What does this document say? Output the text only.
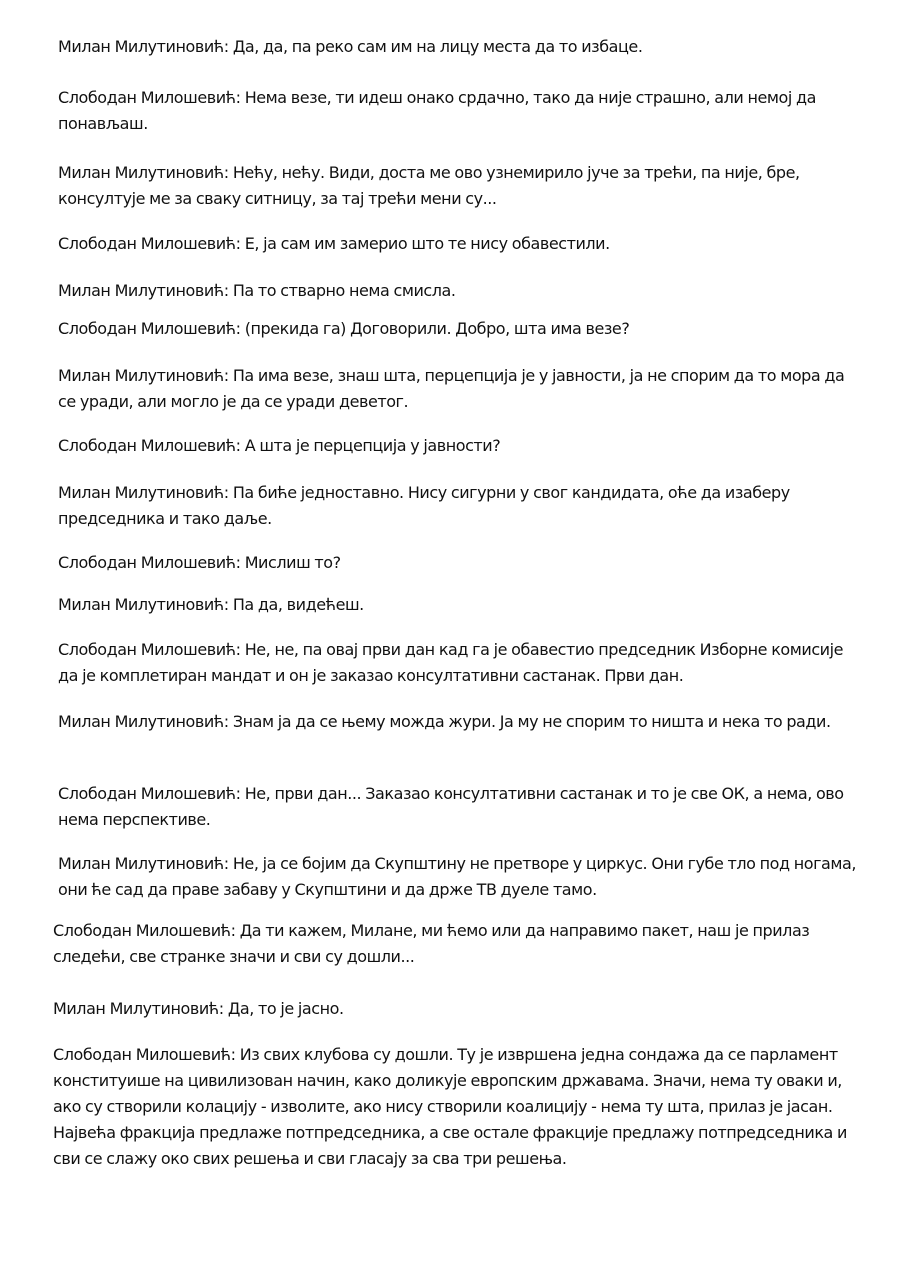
Милан Милутиновић: Да, да, па реко сам им на лицу места да то избаце.

Слободан Милошевић: Нема везе, ти идеш онако срдачно, тако да није страшно, али немој да понављаш.

Милан Милутиновић: Нећу, нећу. Види, доста ме ово узнемирило јуче за трећи, па није, бре, консултује ме за сваку ситницу, за тај трећи мени су...

Слободан Милошевић: Е, ја сам им замерио што те нису обавестили.

Милан Милутиновић: Па то стварно нема смисла.

Слободан Милошевић: (прекида га) Договорили. Добро, шта има везе?

Милан Милутиновић: Па има везе, знаш шта, перцепција је у јавности, ја не спорим да то мора да се уради, али могло је да се уради деветог.

Слободан Милошевић: А шта је перцепција у јавности?

Милан Милутиновић: Па биће једноставно. Нису сигурни у свог кандидата, оће да изаберу председника и тако даље.

Слободан Милошевић: Мислиш то?

Милан Милутиновић: Па да, видећеш.

Слободан Милошевић: Не, не, па овај први дан кад га је обавестио председник Изборне комисије да је комплетиран мандат и он је заказао консултативни састанак. Први дан.

Милан Милутиновић: Знам ја да се њему можда жури. Ја му не спорим то ништа и нека то ради.

Слободан Милошевић: Не, први дан... Заказао консултативни састанак и то је све ОК, а нема, ово нема перспективе.

Милан Милутиновић: Не, ја се бојим да Скупштину не претворе у циркус. Они губе тло под ногама, они ће сад да праве забаву у Скупштини и да држе ТВ дуеле тамо.

Слободан Милошевић: Да ти кажем, Милане, ми ћемо или да направимо пакет, наш је прилаз следећи, све странке значи и сви су дошли...

Милан Милутиновић: Да, то је јасно.

Слободан Милошевић: Из свих клубова су дошли. Ту је извршена једна сондажа да се парламент конституише на цивилизован начин, како доликује европским државама. Значи, нема ту оваки и, ако су створили колацију - изволите, ако нису створили коалицију - нема ту шта, прилаз је јасан. Највећа фракција предлаже потпредседника, а све остале фракције предлажу потпредседника и сви се слажу око свих решења и сви гласају за сва три решења.
